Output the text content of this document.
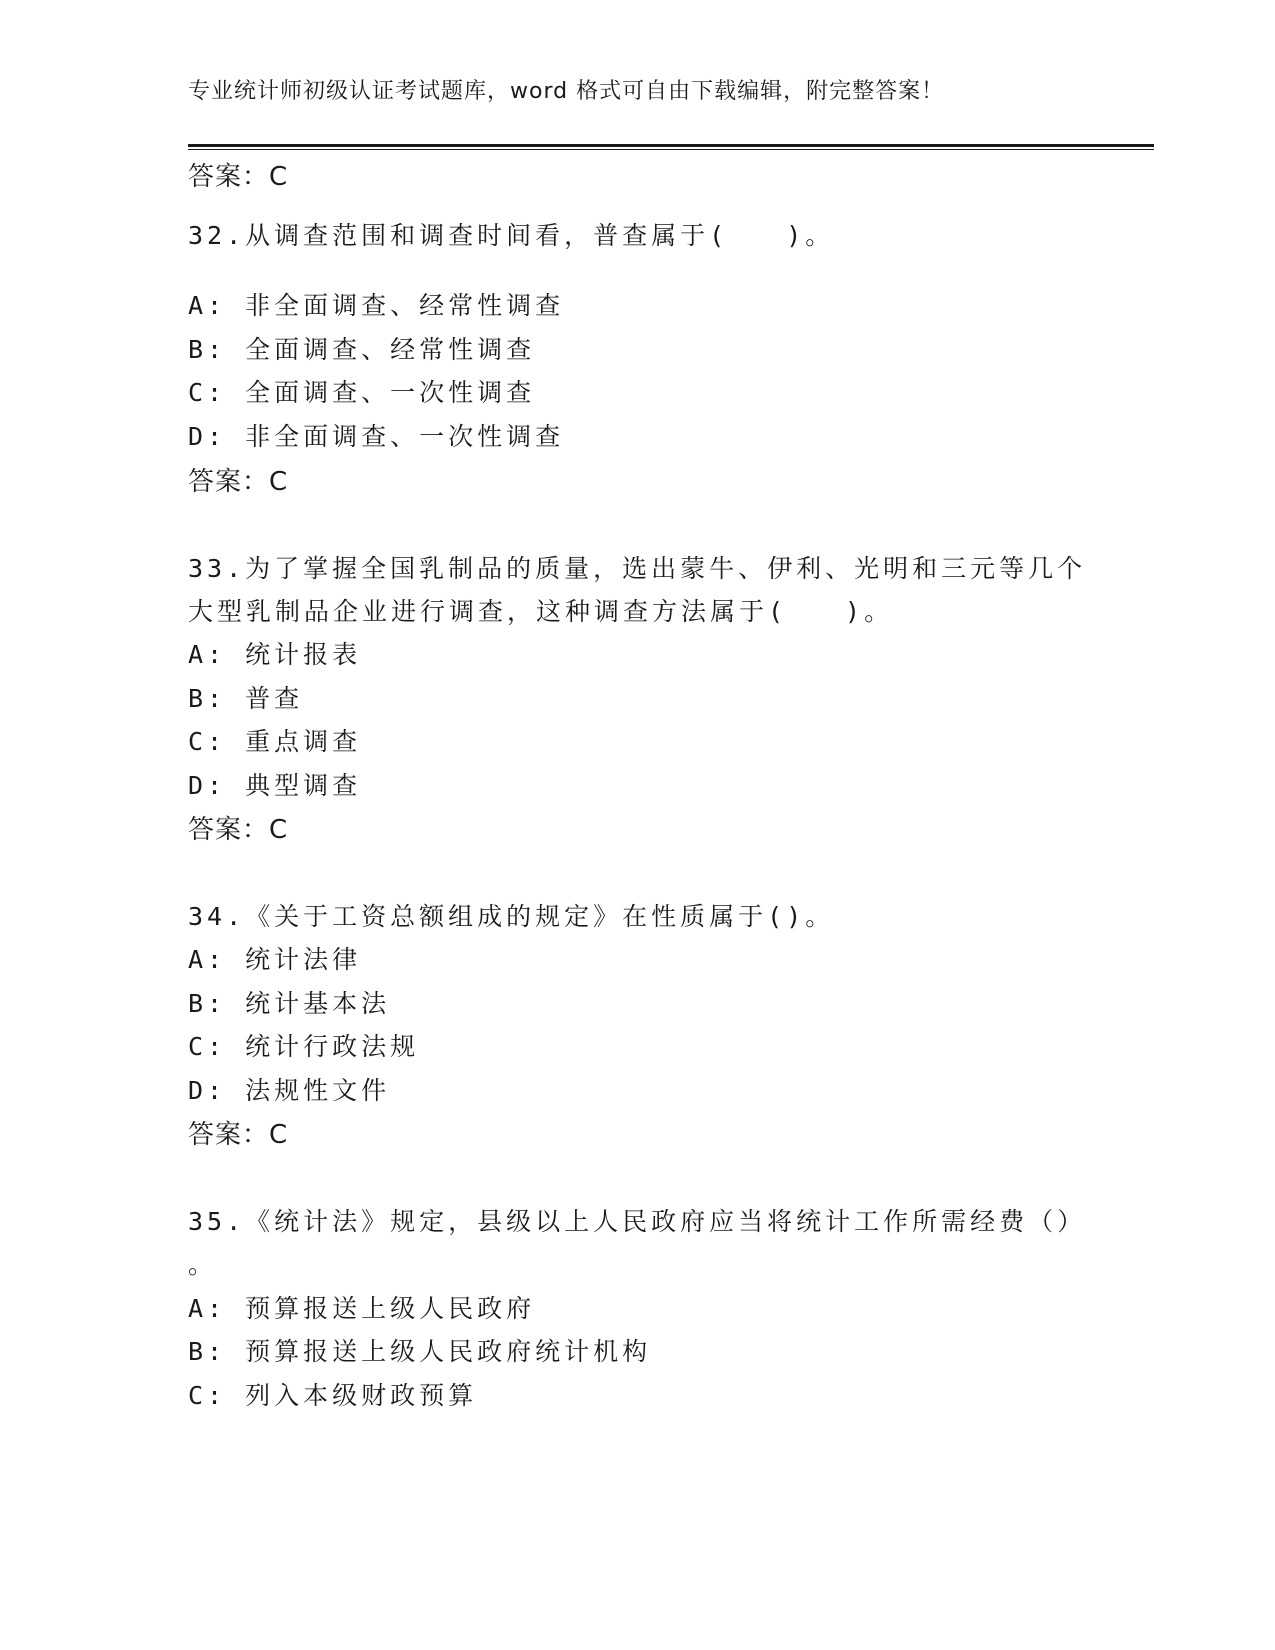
专业统计师初级认证考试题库，word 格式可自由下载编辑，附完整答案！
答案：C
32.从调查范围和调查时间看，普查属于(　　)。
A: 非全面调查、经常性调查
B: 全面调查、经常性调查
C: 全面调查、一次性调查
D: 非全面调查、一次性调查
答案：C
33.为了掌握全国乳制品的质量，选出蒙牛、伊利、光明和三元等几个
大型乳制品企业进行调查，这种调查方法属于(　　)。
A: 统计报表
B: 普查
C: 重点调查
D: 典型调查
答案：C
34.《关于工资总额组成的规定》在性质属于()。
A: 统计法律
B: 统计基本法
C: 统计行政法规
D: 法规性文件
答案：C
35.《统计法》规定，县级以上人民政府应当将统计工作所需经费（）
。
A: 预算报送上级人民政府
B: 预算报送上级人民政府统计机构
C: 列入本级财政预算
